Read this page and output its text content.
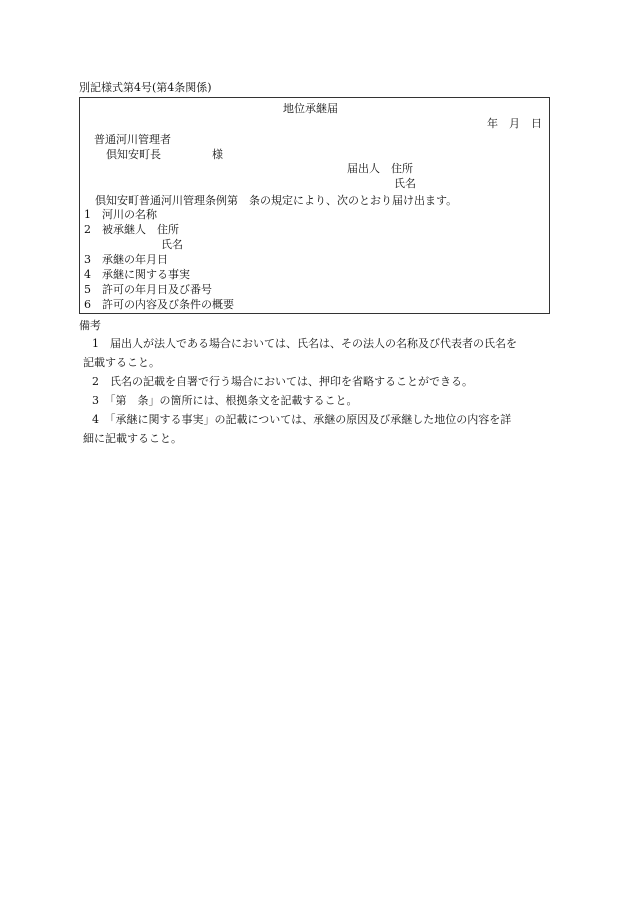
別記様式第4号(第4条関係)
地位承継届
年　月　日
普通河川管理者
倶知安町長	様
届出人　住所
氏名
倶知安町普通河川管理条例第　条の規定により、次のとおり届け出ます。
1　河川の名称
2　被承継人　住所
氏名
3　承継の年月日
4　承継に関する事実
5　許可の年月日及び番号
6　許可の内容及び条件の概要
備考
1　届出人が法人である場合においては、氏名は、その法人の名称及び代表者の氏名を
記載すること。
2　氏名の記載を自署で行う場合においては、押印を省略することができる。
3　「第　条」の箇所には、根拠条文を記載すること。
4　「承継に関する事実」の記載については、承継の原因及び承継した地位の内容を詳
細に記載すること。
